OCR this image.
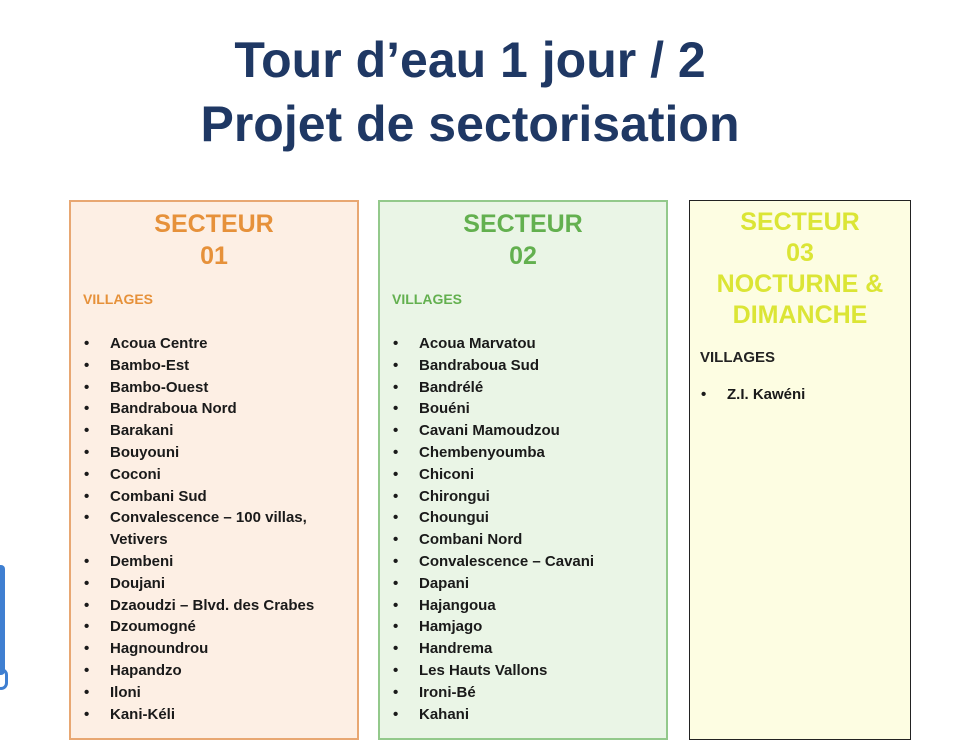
Tour d’eau 1 jour / 2
Projet de sectorisation
SECTEUR
01
VILLAGES
• Acoua Centre
• Bambo-Est
• Bambo-Ouest
• Bandraboua Nord
• Barakani
• Bouyouni
• Coconi
• Combani Sud
• Convalescence – 100 villas, Vetivers
• Dembeni
• Doujani
• Dzaoudzi – Blvd. des Crabes
• Dzoumogné
• Hagnoundrou
• Hapandzo
• Iloni
• Kani-Kéli
SECTEUR
02
VILLAGES
• Acoua Marvatou
• Bandraboua Sud
• Bandrélé
• Bouéni
• Cavani Mamoudzou
• Chembenyoumba
• Chiconi
• Chirongui
• Choungui
• Combani Nord
• Convalescence – Cavani
• Dapani
• Hajangoua
• Hamjago
• Handrema
• Les Hauts Vallons
• Ironi-Bé
• Kahani
SECTEUR
03
NOCTURNE &
DIMANCHE
VILLAGES
• Z.I. Kawéni
